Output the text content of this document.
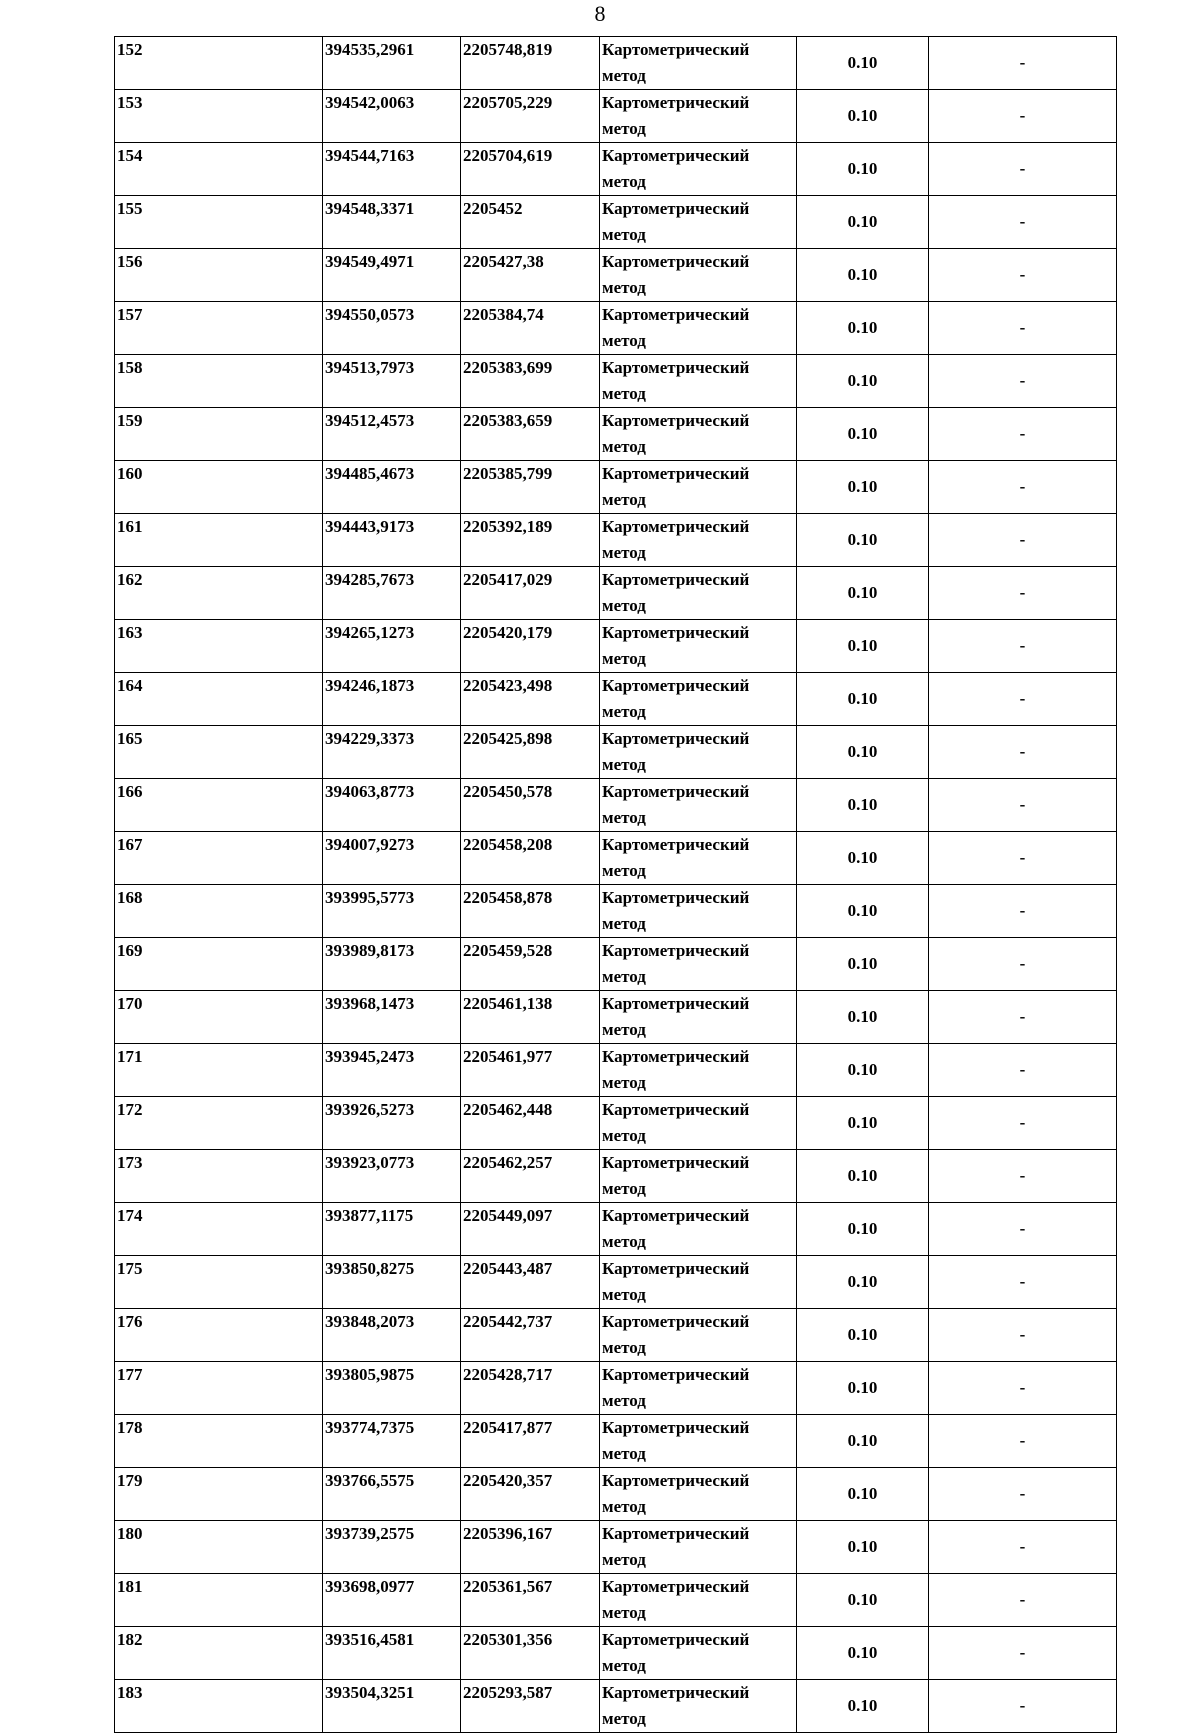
8
152	394535,2961	2205748,819	Картометрический
метод	0.10	-
153	394542,0063	2205705,229	Картометрический
метод	0.10	-
154	394544,7163	2205704,619	Картометрический
метод	0.10	-
155	394548,3371	2205452	Картометрический
метод	0.10	-
156	394549,4971	2205427,38	Картометрический
метод	0.10	-
157	394550,0573	2205384,74	Картометрический
метод	0.10	-
158	394513,7973	2205383,699	Картометрический
метод	0.10	-
159	394512,4573	2205383,659	Картометрический
метод	0.10	-
160	394485,4673	2205385,799	Картометрический
метод	0.10	-
161	394443,9173	2205392,189	Картометрический
метод	0.10	-
162	394285,7673	2205417,029	Картометрический
метод	0.10	-
163	394265,1273	2205420,179	Картометрический
метод	0.10	-
164	394246,1873	2205423,498	Картометрический
метод	0.10	-
165	394229,3373	2205425,898	Картометрический
метод	0.10	-
166	394063,8773	2205450,578	Картометрический
метод	0.10	-
167	394007,9273	2205458,208	Картометрический
метод	0.10	-
168	393995,5773	2205458,878	Картометрический
метод	0.10	-
169	393989,8173	2205459,528	Картометрический
метод	0.10	-
170	393968,1473	2205461,138	Картометрический
метод	0.10	-
171	393945,2473	2205461,977	Картометрический
метод	0.10	-
172	393926,5273	2205462,448	Картометрический
метод	0.10	-
173	393923,0773	2205462,257	Картометрический
метод	0.10	-
174	393877,1175	2205449,097	Картометрический
метод	0.10	-
175	393850,8275	2205443,487	Картометрический
метод	0.10	-
176	393848,2073	2205442,737	Картометрический
метод	0.10	-
177	393805,9875	2205428,717	Картометрический
метод	0.10	-
178	393774,7375	2205417,877	Картометрический
метод	0.10	-
179	393766,5575	2205420,357	Картометрический
метод	0.10	-
180	393739,2575	2205396,167	Картометрический
метод	0.10	-
181	393698,0977	2205361,567	Картометрический
метод	0.10	-
182	393516,4581	2205301,356	Картометрический
метод	0.10	-
183	393504,3251	2205293,587	Картометрический
метод	0.10	-
